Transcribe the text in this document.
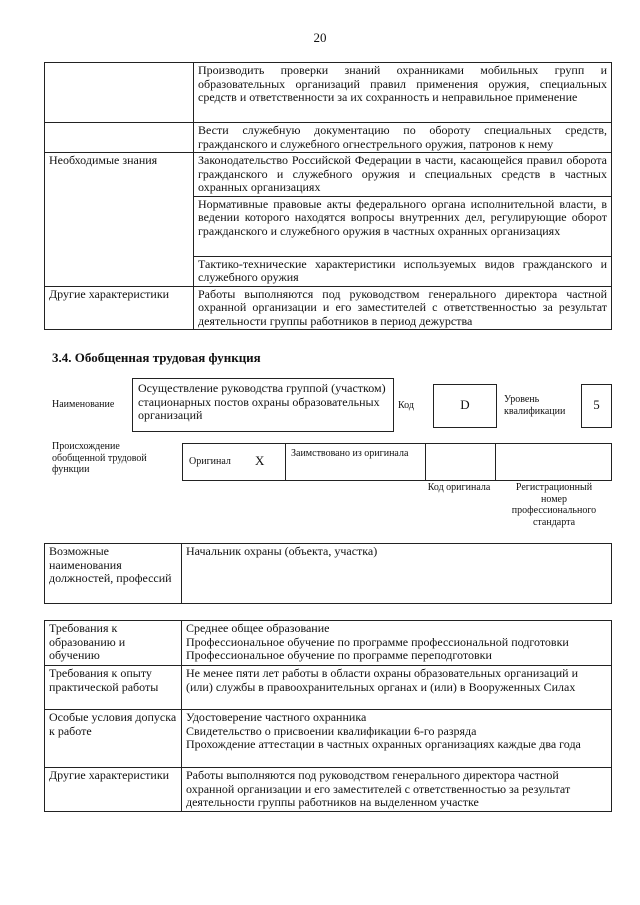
20
	Производить проверки знаний охранниками мобильных групп и образовательных организаций правил применения оружия, специальных средств и ответственности за их сохранность и неправильное применение
	Вести служебную документацию по обороту специальных средств, гражданского и служебного огнестрельного оружия, патронов к нему
Необходимые знания	Законодательство Российской Федерации в части, касающейся правил оборота гражданского и служебного оружия и специальных средств в частных охранных организациях
	Нормативные правовые акты федерального органа исполнительной власти, в ведении которого находятся вопросы внутренних дел, регулирующие оборот гражданского и служебного оружия в частных охранных организациях
	Тактико-технические характеристики используемых видов гражданского и служебного оружия
Другие характеристики	Работы выполняются под руководством генерального директора частной охранной организации и его заместителей с ответственностью за результат деятельности группы работников в период дежурства
3.4. Обобщенная трудовая функция
Наименование
Осуществление руководства группой (участком) стационарных постов охраны образовательных организаций
Код	D	Уровень квалификации	5
Происхождение обобщенной трудовой функции
Оригинал X	Заимствовано из оригинала
Код оригинала	Регистрационный номер профессионального стандарта
Возможные наименования должностей, профессий	Начальник охраны (объекта, участка)
Требования к образованию и обучению	Среднее общее образование
Профессиональное обучение по программе профессиональной подготовки
Профессиональное обучение по программе переподготовки

Требования к опыту практической работы	Не менее пяти лет работы в области охраны образовательных организаций и (или) службы в правоохранительных органах и (или) в Вооруженных Силах
Особые условия допуска к работе	Удостоверение частного охранника
Свидетельство о присвоении квалификации 6-го разряда
Прохождение аттестации в частных охранных организациях каждые два года

Другие характеристики	Работы выполняются под руководством генерального директора частной охранной организации и его заместителей с ответственностью за результат деятельности группы работников на выделенном участке
